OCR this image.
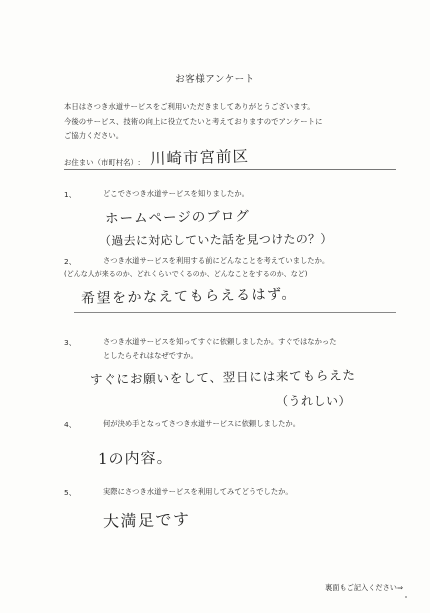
お客様アンケート
本日はさつき水道サービスをご利用いただきましてありがとうございます。
今後のサービス、技術の向上に役立てたいと考えておりますのでアンケートに
ご協力ください。
お住まい（市町村名）: 川崎市宮前区
1、	どこでさつき水道サービスを知りましたか。
ホームページのブログ
（過去に対応していた話を見つけたの？）
2、	さつき水道サービスを利用する前にどんなことを考えていましたか。
(どんな人が来るのか、どれくらいでくるのか、どんなことをするのか、など)
希望をかなえてもらえるはず。
3、	さつき水道サービスを知ってすぐに依頼しましたか。すぐではなかった
としたらそれはなぜですか。
すぐにお願いをして、翌日には来てもらえた
（うれしい）
4、	何が決め手となってさつき水道サービスに依頼しましたか。
1の内容。
5、	実際にさつき水道サービスを利用してみてどうでしたか。
大満足です
裏面もご記入ください⇒
